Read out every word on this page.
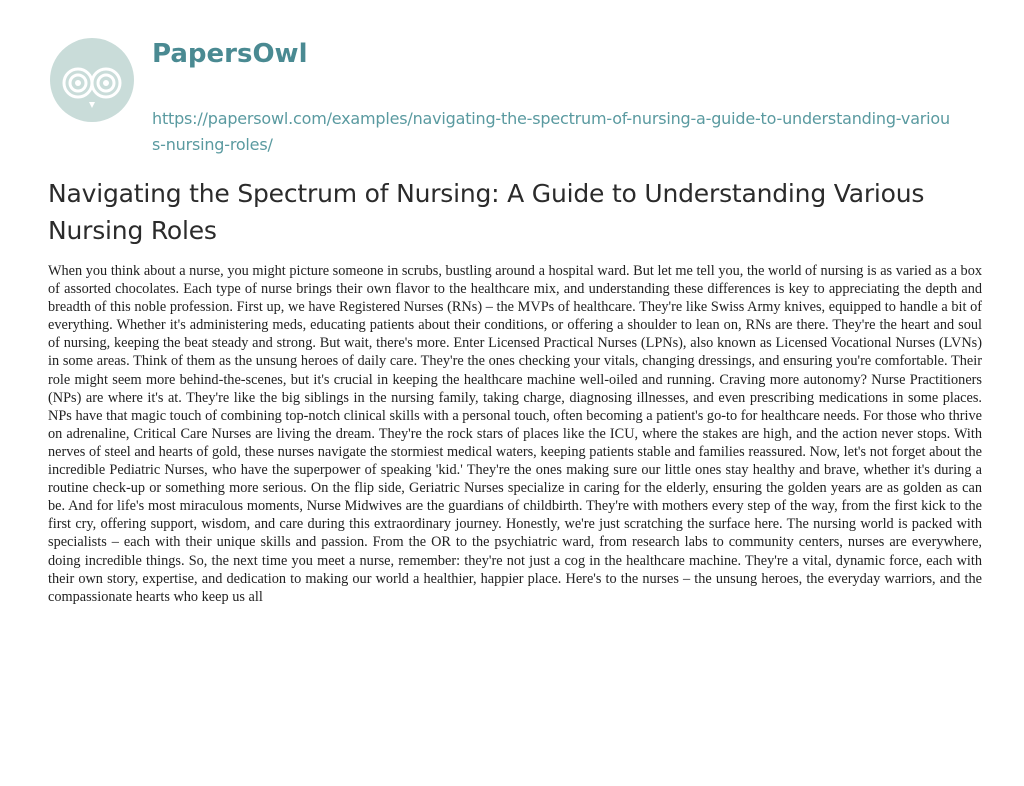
PapersOwl
https://papersowl.com/examples/navigating-the-spectrum-of-nursing-a-guide-to-understanding-various-nursing-roles/
Navigating the Spectrum of Nursing: A Guide to Understanding Various Nursing Roles

When you think about a nurse, you might picture someone in scrubs, bustling around a hospital ward. But let me tell you, the world of nursing is as varied as a box of assorted chocolates. Each type of nurse brings their own flavor to the healthcare mix, and understanding these differences is key to appreciating the depth and breadth of this noble profession. First up, we have Registered Nurses (RNs) – the MVPs of healthcare. They're like Swiss Army knives, equipped to handle a bit of everything. Whether it's administering meds, educating patients about their conditions, or offering a shoulder to lean on, RNs are there. They're the heart and soul of nursing, keeping the beat steady and strong. But wait, there's more. Enter Licensed Practical Nurses (LPNs), also known as Licensed Vocational Nurses (LVNs) in some areas. Think of them as the unsung heroes of daily care. They're the ones checking your vitals, changing dressings, and ensuring you're comfortable. Their role might seem more behind-the-scenes, but it's crucial in keeping the healthcare machine well-oiled and running. Craving more autonomy? Nurse Practitioners (NPs) are where it's at. They're like the big siblings in the nursing family, taking charge, diagnosing illnesses, and even prescribing medications in some places. NPs have that magic touch of combining top-notch clinical skills with a personal touch, often becoming a patient's go-to for healthcare needs. For those who thrive on adrenaline, Critical Care Nurses are living the dream. They're the rock stars of places like the ICU, where the stakes are high, and the action never stops. With nerves of steel and hearts of gold, these nurses navigate the stormiest medical waters, keeping patients stable and families reassured. Now, let's not forget about the incredible Pediatric Nurses, who have the superpower of speaking 'kid.' They're the ones making sure our little ones stay healthy and brave, whether it's during a routine check-up or something more serious. On the flip side, Geriatric Nurses specialize in caring for the elderly, ensuring the golden years are as golden as can be. And for life's most miraculous moments, Nurse Midwives are the guardians of childbirth. They're with mothers every step of the way, from the first kick to the first cry, offering support, wisdom, and care during this extraordinary journey. Honestly, we're just scratching the surface here. The nursing world is packed with specialists – each with their unique skills and passion. From the OR to the psychiatric ward, from research labs to community centers, nurses are everywhere, doing incredible things. So, the next time you meet a nurse, remember: they're not just a cog in the healthcare machine. They're a vital, dynamic force, each with their own story, expertise, and dedication to making our world a healthier, happier place. Here's to the nurses – the unsung heroes, the everyday warriors, and the compassionate hearts who keep us all
